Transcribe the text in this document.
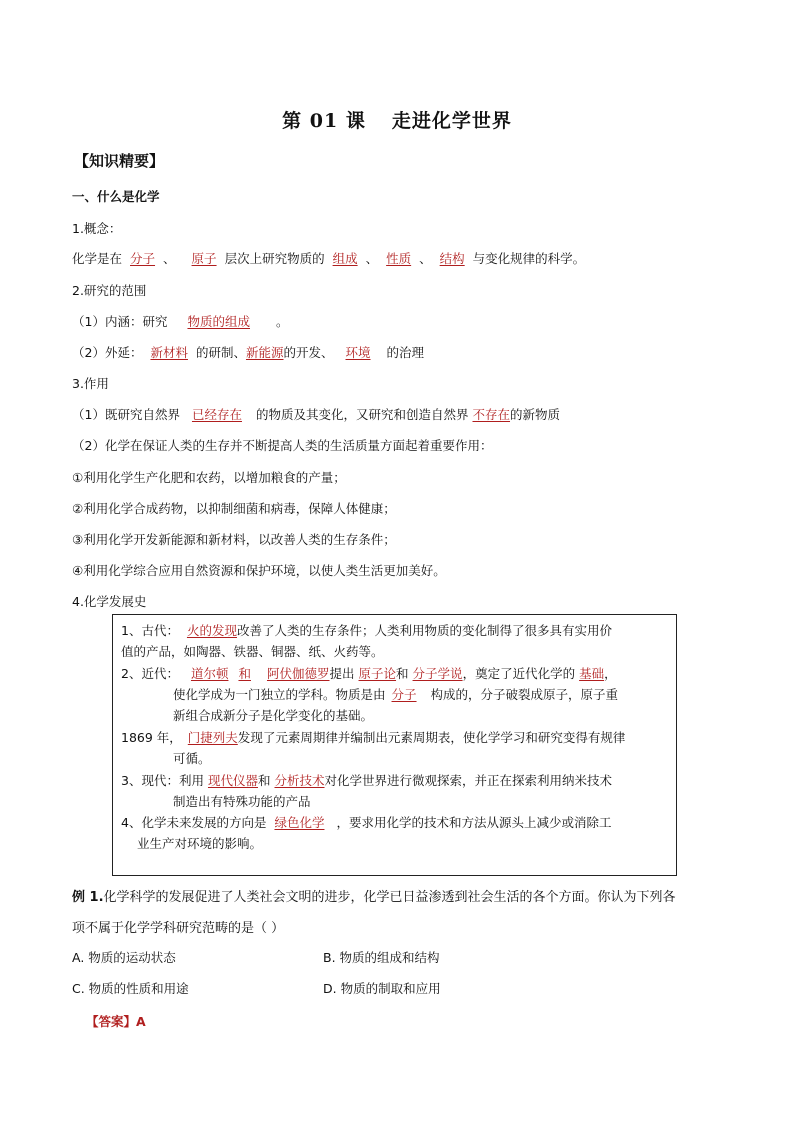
第 01 课 走进化学世界
【知识精要】
一、什么是化学
1.概念：
化学是在 分子 、 原子 层次上研究物质的 组成 、 性质 、 结构 与变化规律的科学。
2.研究的范围
（1）内涵：研究 物质的组成 。
（2）外延： 新材料 的研制、新能源的开发、 环境 的治理
3.作用
（1）既研究自然界 已经存在 的物质及其变化，又研究和创造自然界 不存在的新物质
（2）化学在保证人类的生存并不断提高人类的生活质量方面起着重要作用：
①利用化学生产化肥和农药，以增加粮食的产量；
②利用化学合成药物，以抑制细菌和病毒，保障人体健康；
③利用化学开发新能源和新材料，以改善人类的生存条件；
④利用化学综合应用自然资源和保护环境，以使人类生活更加美好。
4.化学发展史
1、古代： 火的发现改善了人类的生存条件；人类利用物质的变化制得了很多具有实用价
值的产品，如陶器、铁器、铜器、纸、火药等。
2、近代： 道尔顿 和 阿伏伽德罗提出 原子论和 分子学说，奠定了近代化学的 基础，
使化学成为一门独立的学科。物质是由 分子 构成的，分子破裂成原子，原子重
新组合成新分子是化学变化的基础。
1869 年， 门捷列夫发现了元素周期律并编制出元素周期表，使化学学习和研究变得有规律
可循。
3、现代：利用 现代仪器和 分析技术对化学世界进行微观探索，并正在探索利用纳米技术
制造出有特殊功能的产品
4、化学未来发展的方向是 绿色化学 ，要求用化学的技术和方法从源头上减少或消除工
业生产对环境的影响。
例 1.化学科学的发展促进了人类社会文明的进步，化学已日益渗透到社会生活的各个方面。你认为下列各
项不属于化学学科研究范畴的是（ ）
A. 物质的运动状态	B. 物质的组成和结构
C. 物质的性质和用途	D. 物质的制取和应用
【答案】A
